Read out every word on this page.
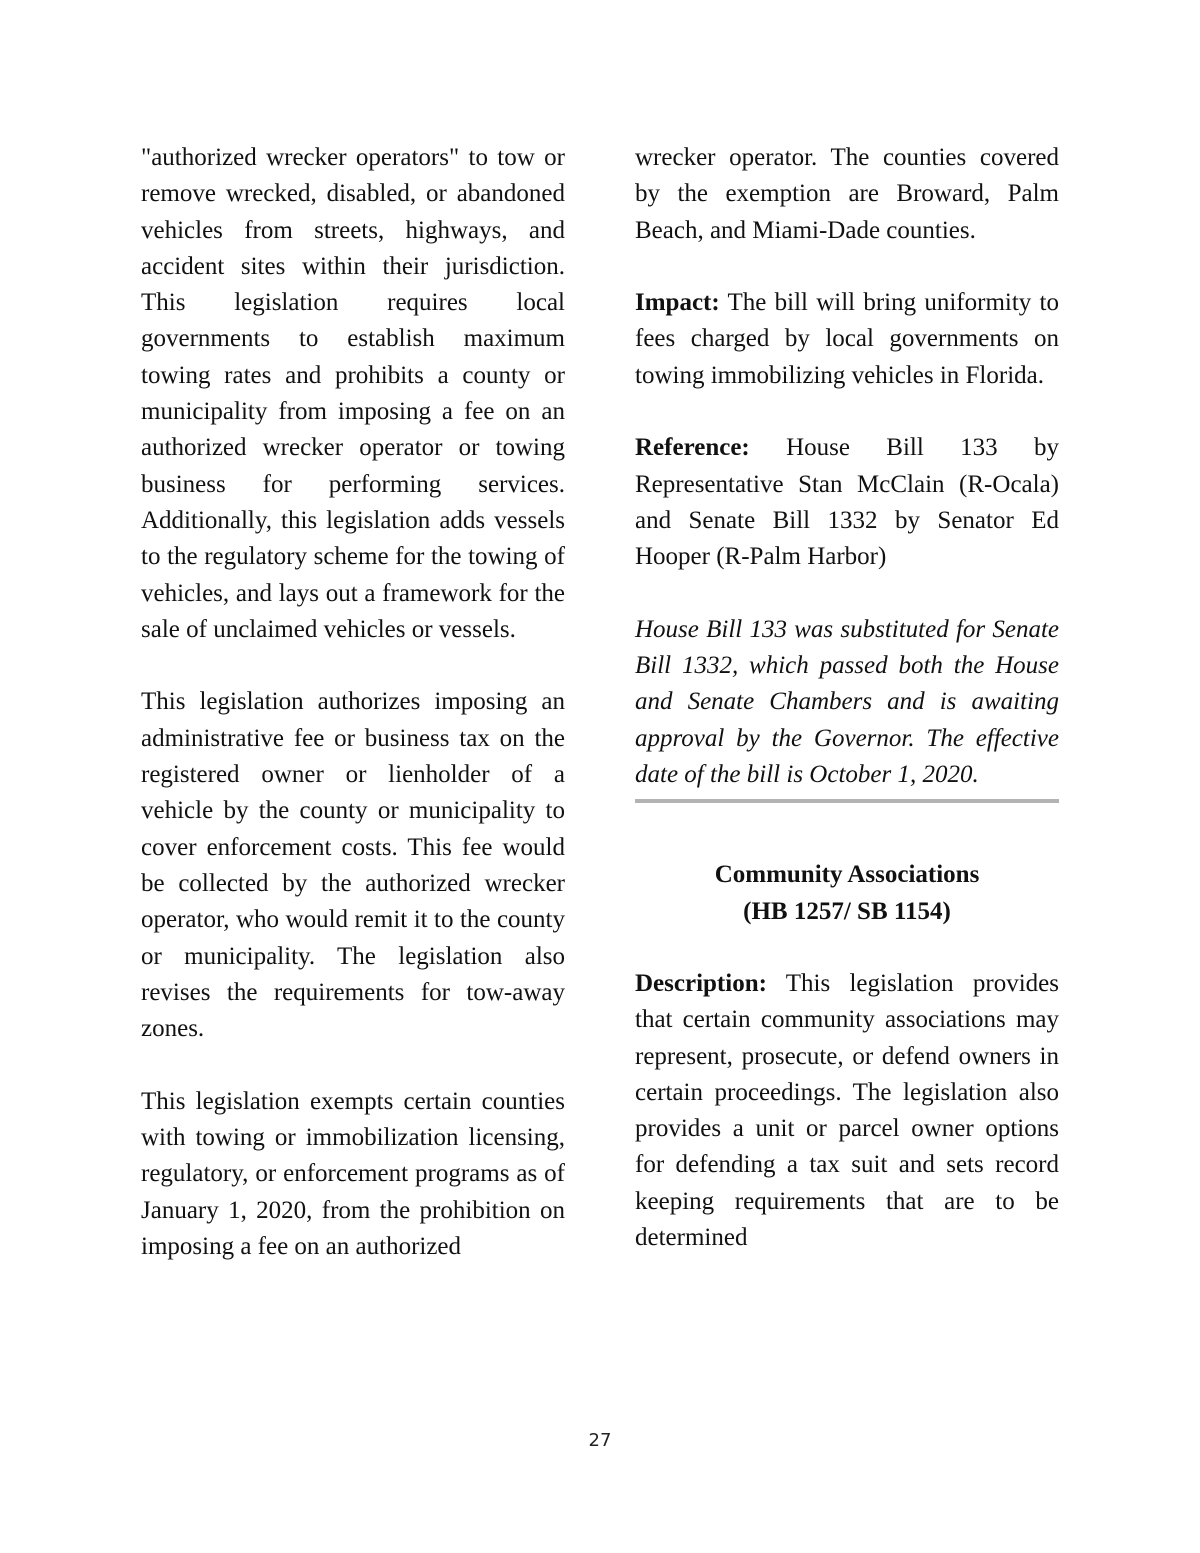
"authorized wrecker operators" to tow or remove wrecked, disabled, or abandoned vehicles from streets, highways, and accident sites within their jurisdiction. This legislation requires local governments to establish maximum towing rates and prohibits a county or municipality from imposing a fee on an authorized wrecker operator or towing business for performing services. Additionally, this legislation adds vessels to the regulatory scheme for the towing of vehicles, and lays out a framework for the sale of unclaimed vehicles or vessels.

This legislation authorizes imposing an administrative fee or business tax on the registered owner or lienholder of a vehicle by the county or municipality to cover enforcement costs. This fee would be collected by the authorized wrecker operator, who would remit it to the county or municipality. The legislation also revises the requirements for tow-away zones.

This legislation exempts certain counties with towing or immobilization licensing, regulatory, or enforcement programs as of January 1, 2020, from the prohibition on imposing a fee on an authorized

wrecker operator. The counties covered by the exemption are Broward, Palm Beach, and Miami-Dade counties.

Impact: The bill will bring uniformity to fees charged by local governments on towing immobilizing vehicles in Florida.

Reference: House Bill 133 by Representative Stan McClain (R-Ocala) and Senate Bill 1332 by Senator Ed Hooper (R-Palm Harbor)

House Bill 133 was substituted for Senate Bill 1332, which passed both the House and Senate Chambers and is awaiting approval by the Governor. The effective date of the bill is October 1, 2020.

Community Associations
(HB 1257/ SB 1154)

Description: This legislation provides that certain community associations may represent, prosecute, or defend owners in certain proceedings. The legislation also provides a unit or parcel owner options for defending a tax suit and sets record keeping requirements that are to be determined

27
